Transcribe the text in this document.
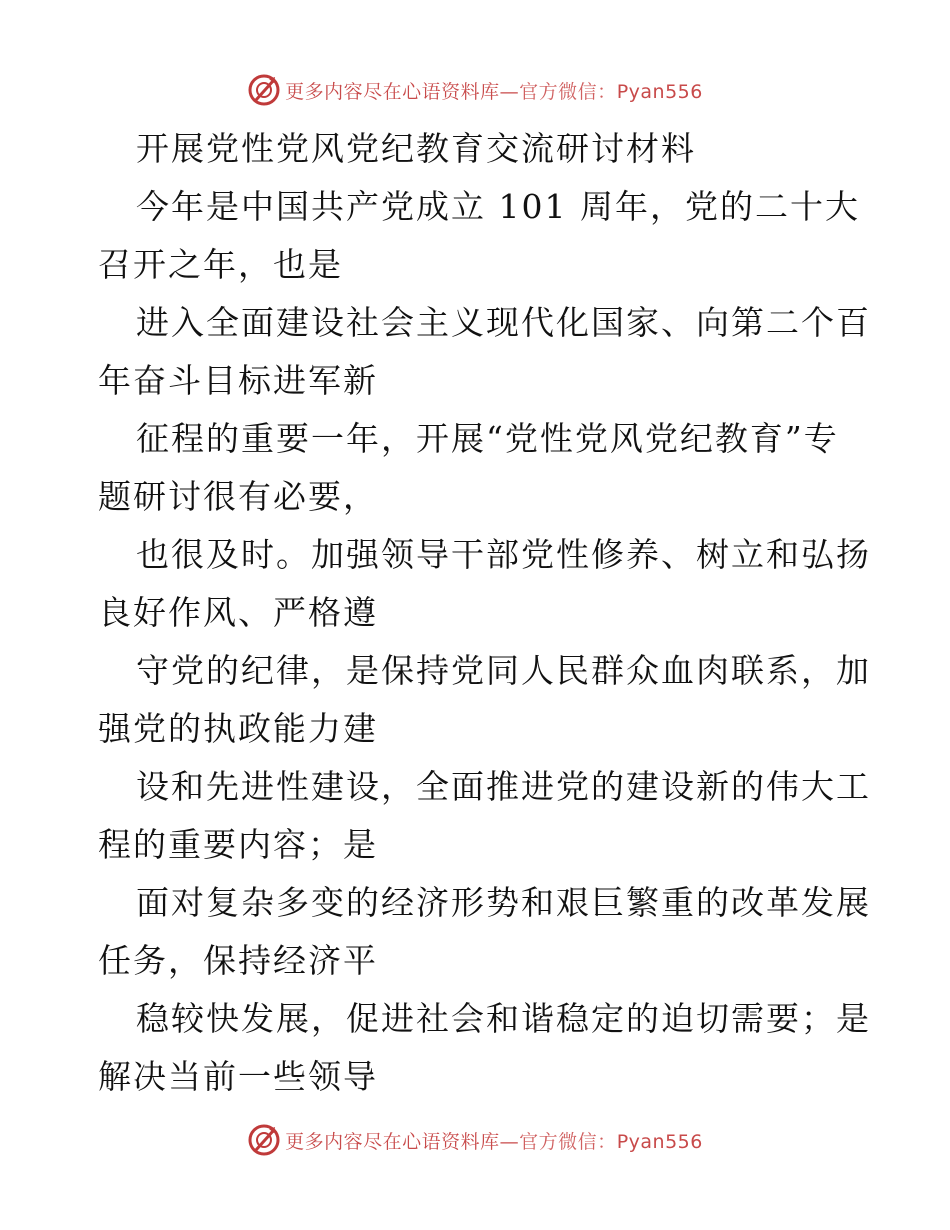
更多内容尽在心语资料库—官方微信：Pyan556
开展党性党风党纪教育交流研讨材料
今年是中国共产党成立 101 周年，党的二十大
召开之年，也是
进入全面建设社会主义现代化国家、向第二个百
年奋斗目标进军新
征程的重要一年，开展“党性党风党纪教育”专
题研讨很有必要，
也很及时。加强领导干部党性修养、树立和弘扬
良好作风、严格遵
守党的纪律，是保持党同人民群众血肉联系，加
强党的执政能力建
设和先进性建设，全面推进党的建设新的伟大工
程的重要内容；是
面对复杂多变的经济形势和艰巨繁重的改革发展
任务，保持经济平
稳较快发展，促进社会和谐稳定的迫切需要；是
解决当前一些领导
更多内容尽在心语资料库—官方微信：Pyan556
